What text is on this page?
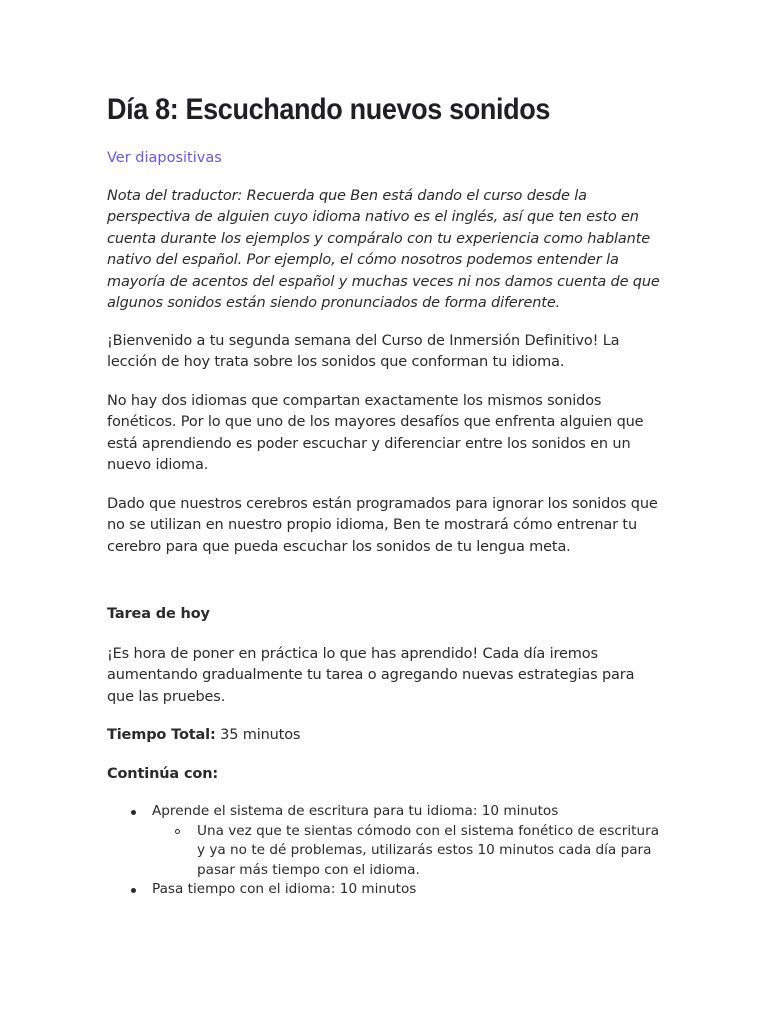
Día 8: Escuchando nuevos sonidos
Ver diapositivas

Nota del traductor: Recuerda que Ben está dando el curso desde la perspectiva de alguien cuyo idioma nativo es el inglés, así que ten esto en cuenta durante los ejemplos y compáralo con tu experiencia como hablante nativo del español. Por ejemplo, el cómo nosotros podemos entender la mayoría de acentos del español y muchas veces ni nos damos cuenta de que algunos sonidos están siendo pronunciados de forma diferente.

¡Bienvenido a tu segunda semana del Curso de Inmersión Definitivo! La lección de hoy trata sobre los sonidos que conforman tu idioma.

No hay dos idiomas que compartan exactamente los mismos sonidos fonéticos. Por lo que uno de los mayores desafíos que enfrenta alguien que está aprendiendo es poder escuchar y diferenciar entre los sonidos en un nuevo idioma.

Dado que nuestros cerebros están programados para ignorar los sonidos que no se utilizan en nuestro propio idioma, Ben te mostrará cómo entrenar tu cerebro para que pueda escuchar los sonidos de tu lengua meta.

Tarea de hoy

¡Es hora de poner en práctica lo que has aprendido! Cada día iremos aumentando gradualmente tu tarea o agregando nuevas estrategias para que las pruebes.

Tiempo Total: 35 minutos

Continúa con:

Aprende el sistema de escritura para tu idioma: 10 minutos
Una vez que te sientas cómodo con el sistema fonético de escritura y ya no te dé problemas, utilizarás estos 10 minutos cada día para pasar más tiempo con el idioma.
Pasa tiempo con el idioma: 10 minutos
